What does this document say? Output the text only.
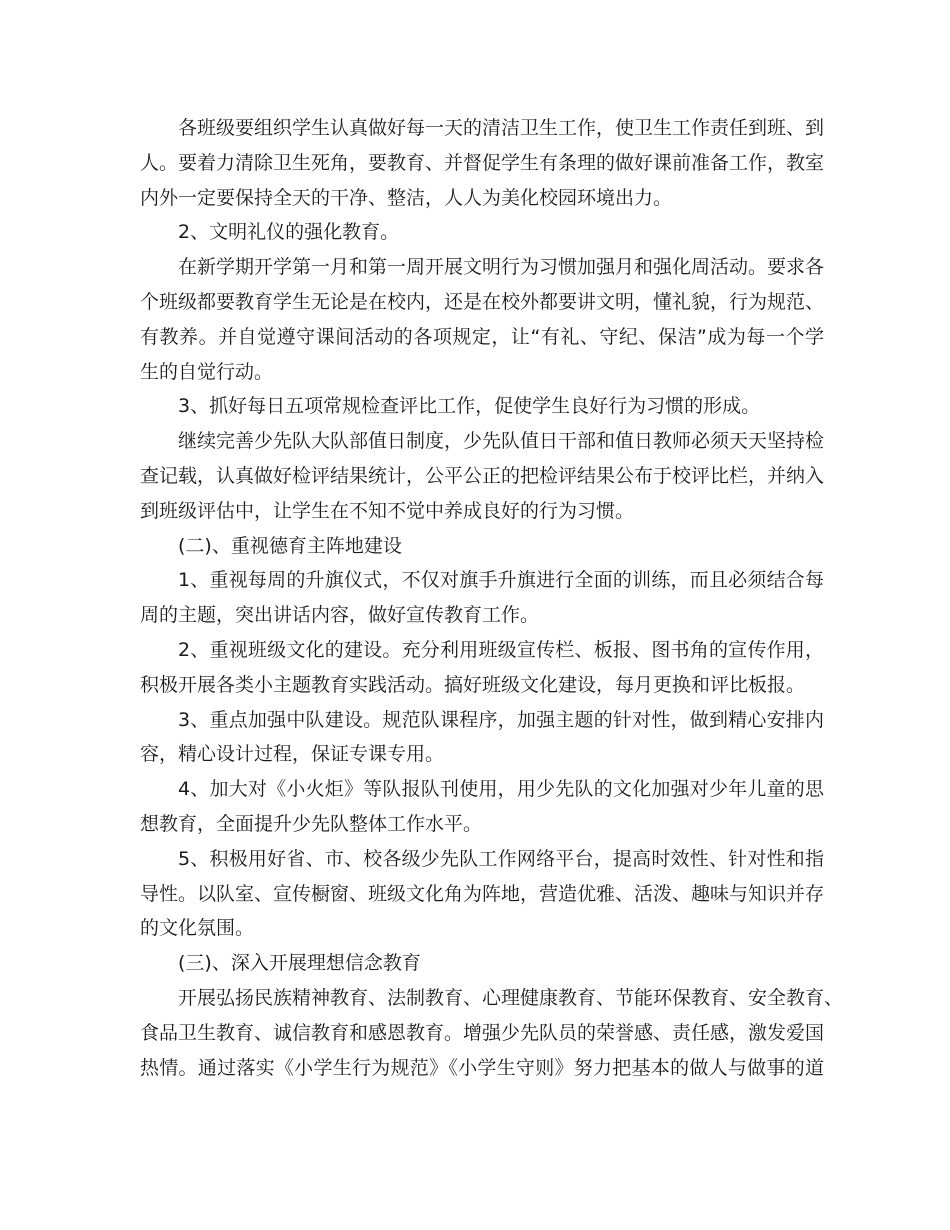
各班级要组织学生认真做好每一天的清洁卫生工作，使卫生工作责任到班、到
人。要着力清除卫生死角，要教育、并督促学生有条理的做好课前准备工作，教室
内外一定要保持全天的干净、整洁，人人为美化校园环境出力。
2、文明礼仪的强化教育。
在新学期开学第一月和第一周开展文明行为习惯加强月和强化周活动。要求各
个班级都要教育学生无论是在校内，还是在校外都要讲文明，懂礼貌，行为规范、
有教养。并自觉遵守课间活动的各项规定，让“有礼、守纪、保洁”成为每一个学
生的自觉行动。
3、抓好每日五项常规检查评比工作，促使学生良好行为习惯的形成。
继续完善少先队大队部值日制度，少先队值日干部和值日教师必须天天坚持检
查记载，认真做好检评结果统计，公平公正的把检评结果公布于校评比栏，并纳入
到班级评估中，让学生在不知不觉中养成良好的行为习惯。
(二)、重视德育主阵地建设
1、重视每周的升旗仪式，不仅对旗手升旗进行全面的训练，而且必须结合每
周的主题，突出讲话内容，做好宣传教育工作。
2、重视班级文化的建设。充分利用班级宣传栏、板报、图书角的宣传作用，
积极开展各类小主题教育实践活动。搞好班级文化建设，每月更换和评比板报。
3、重点加强中队建设。规范队课程序，加强主题的针对性，做到精心安排内
容，精心设计过程，保证专课专用。
4、加大对《小火炬》等队报队刊使用，用少先队的文化加强对少年儿童的思
想教育，全面提升少先队整体工作水平。
5、积极用好省、市、校各级少先队工作网络平台，提高时效性、针对性和指
导性。以队室、宣传橱窗、班级文化角为阵地，营造优雅、活泼、趣味与知识并存
的文化氛围。
(三)、深入开展理想信念教育
开展弘扬民族精神教育、法制教育、心理健康教育、节能环保教育、安全教育、
食品卫生教育、诚信教育和感恩教育。增强少先队员的荣誉感、责任感，激发爱国
热情。通过落实《小学生行为规范》《小学生守则》努力把基本的做人与做事的道
